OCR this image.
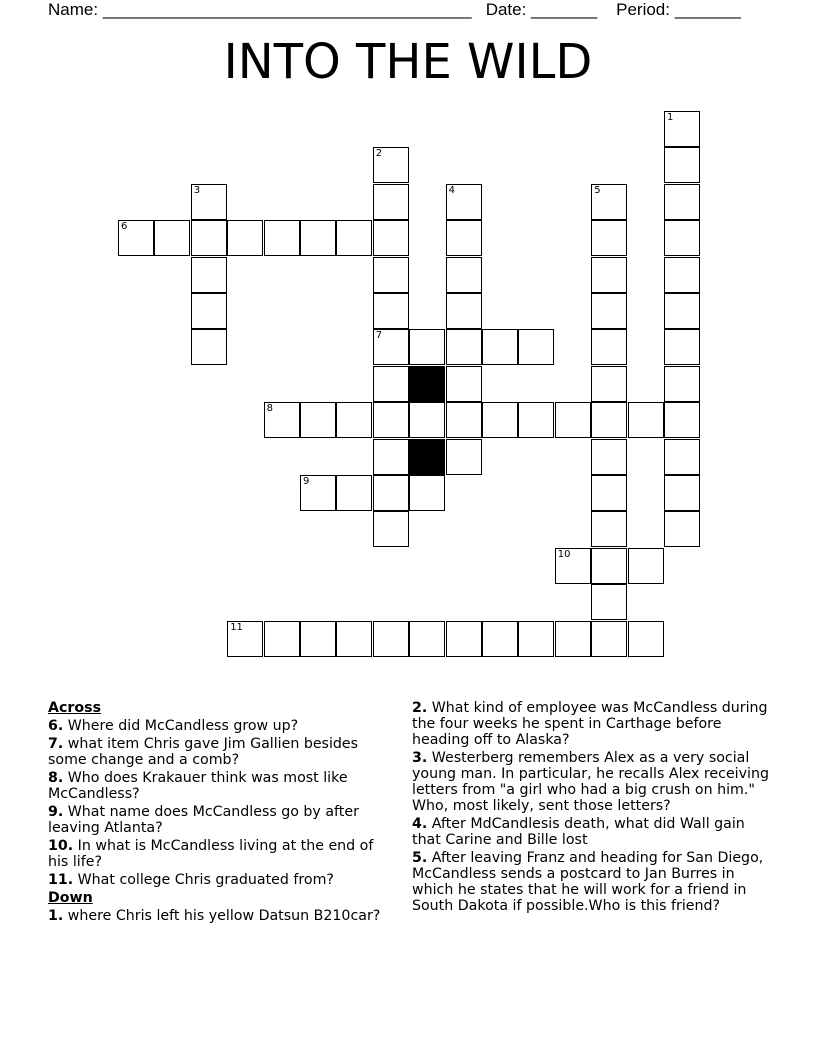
Name: _______________________________________   Date: _______    Period: _______
INTO THE WILD
1
2
7
3	4	5
6
8
9
10
11
Across
6. Where did McCandless grow up?
7. what item Chris gave Jim Gallien besides some change and a comb?
8. Who does Krakauer think was most like McCandless?
9. What name does McCandless go by after leaving Atlanta?
10. In what is McCandless living at the end of his life?
11. What college Chris graduated from?
Down
1. where Chris left his yellow Datsun B210car?
2. What kind of employee was McCandless during the four weeks he spent in Carthage before heading off to Alaska?
3. Westerberg remembers Alex as a very social young man. In particular, he recalls Alex receiving letters from "a girl who had a big crush on him." Who, most likely, sent those letters?
4. After MdCandlesis death, what did Wall gain that Carine and Bille lost
5. After leaving Franz and heading for San Diego, McCandless sends a postcard to Jan Burres in which he states that he will work for a friend in South Dakota if possible.Who is this friend?
